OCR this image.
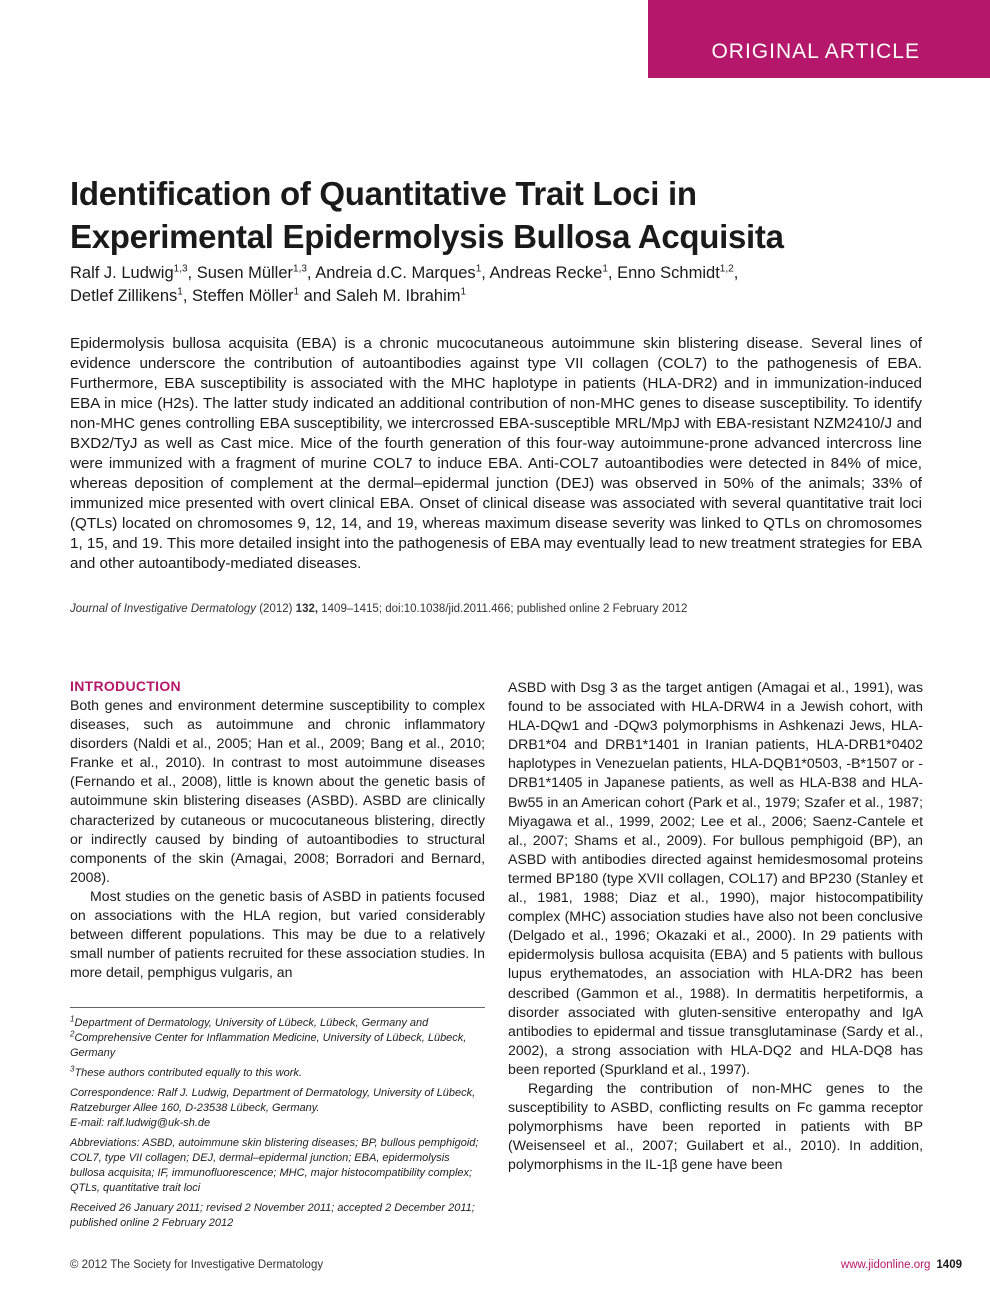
ORIGINAL ARTICLE
Identification of Quantitative Trait Loci in
Experimental Epidermolysis Bullosa Acquisita
Ralf J. Ludwig$^{1,3}$, Susen Müller$^{1,3}$, Andreia d.C. Marques$^1$, Andreas Recke$^1$, Enno Schmidt$^{1,2}$,
Detlef Zillikens$^1$, Steffen Möller$^1$ and Saleh M. Ibrahim$^1$
Epidermolysis bullosa acquisita (EBA) is a chronic mucocutaneous autoimmune skin blistering disease. Several lines of evidence underscore the contribution of autoantibodies against type VII collagen (COL7) to the pathogenesis of EBA. Furthermore, EBA susceptibility is associated with the MHC haplotype in patients (HLA-DR2) and in immunization-induced EBA in mice (H2s). The latter study indicated an additional contribution of non-MHC genes to disease susceptibility. To identify non-MHC genes controlling EBA susceptibility, we intercrossed EBA-susceptible MRL/MpJ with EBA-resistant NZM2410/J and BXD2/TyJ as well as Cast mice. Mice of the fourth generation of this four-way autoimmune-prone advanced intercross line were immunized with a fragment of murine COL7 to induce EBA. Anti-COL7 autoantibodies were detected in 84% of mice, whereas deposition of complement at the dermal–epidermal junction (DEJ) was observed in 50% of the animals; 33% of immunized mice presented with overt clinical EBA. Onset of clinical disease was associated with several quantitative trait loci (QTLs) located on chromosomes 9, 12, 14, and 19, whereas maximum disease severity was linked to QTLs on chromosomes 1, 15, and 19. This more detailed insight into the pathogenesis of EBA may eventually lead to new treatment strategies for EBA and other autoantibody-mediated diseases.
Journal of Investigative Dermatology (2012) 132, 1409–1415; doi:10.1038/jid.2011.466; published online 2 February 2012
INTRODUCTION

Both genes and environment determine susceptibility to complex diseases, such as autoimmune and chronic inflammatory disorders (Naldi et al., 2005; Han et al., 2009; Bang et al., 2010; Franke et al., 2010). In contrast to most autoimmune diseases (Fernando et al., 2008), little is known about the genetic basis of autoimmune skin blistering diseases (ASBD). ASBD are clinically characterized by cutaneous or mucocutaneous blistering, directly or indirectly caused by binding of autoantibodies to structural components of the skin (Amagai, 2008; Borradori and Bernard, 2008).

Most studies on the genetic basis of ASBD in patients focused on associations with the HLA region, but varied considerably between different populations. This may be due to a relatively small number of patients recruited for these association studies. In more detail, pemphigus vulgaris, an

ASBD with Dsg 3 as the target antigen (Amagai et al., 1991), was found to be associated with HLA-DRW4 in a Jewish cohort, with HLA-DQw1 and -DQw3 polymorphisms in Ashkenazi Jews, HLA-DRB1*04 and DRB1*1401 in Iranian patients, HLA-DRB1*0402 haplotypes in Venezuelan patients, HLA-DQB1*0503, -B*1507 or -DRB1*1405 in Japanese patients, as well as HLA-B38 and HLA-Bw55 in an American cohort (Park et al., 1979; Szafer et al., 1987; Miyagawa et al., 1999, 2002; Lee et al., 2006; Saenz-Cantele et al., 2007; Shams et al., 2009). For bullous pemphigoid (BP), an ASBD with antibodies directed against hemidesmosomal proteins termed BP180 (type XVII collagen, COL17) and BP230 (Stanley et al., 1981, 1988; Diaz et al., 1990), major histocompatibility complex (MHC) association studies have also not been conclusive (Delgado et al., 1996; Okazaki et al., 2000). In 29 patients with epidermolysis bullosa acquisita (EBA) and 5 patients with bullous lupus erythematodes, an association with HLA-DR2 has been described (Gammon et al., 1988). In dermatitis herpetiformis, a disorder associated with gluten-sensitive enteropathy and IgA antibodies to epidermal and tissue transglutaminase (Sardy et al., 2002), a strong association with HLA-DQ2 and HLA-DQ8 has been reported (Spurkland et al., 1997).

Regarding the contribution of non-MHC genes to the susceptibility to ASBD, conflicting results on Fc gamma receptor polymorphisms have been reported in patients with BP (Weisenseel et al., 2007; Guilabert et al., 2010). In addition, polymorphisms in the IL-1β gene have been

$^1$Department of Dermatology, University of Lübeck, Lübeck, Germany and $^2$Comprehensive Center for Inflammation Medicine, University of Lübeck, Lübeck, Germany

$^3$These authors contributed equally to this work.

Correspondence: Ralf J. Ludwig, Department of Dermatology, University of Lübeck, Ratzeburger Allee 160, D-23538 Lübeck, Germany.
E-mail: ralf.ludwig@uk-sh.de

Abbreviations: ASBD, autoimmune skin blistering diseases; BP, bullous pemphigoid; COL7, type VII collagen; DEJ, dermal–epidermal junction; EBA, epidermolysis bullosa acquisita; IF, immunofluorescence; MHC, major histocompatibility complex; QTLs, quantitative trait loci

Received 26 January 2011; revised 2 November 2011; accepted 2 December 2011; published online 2 February 2012

© 2012 The Society for Investigative Dermatology	www.jidonline.org 1409
